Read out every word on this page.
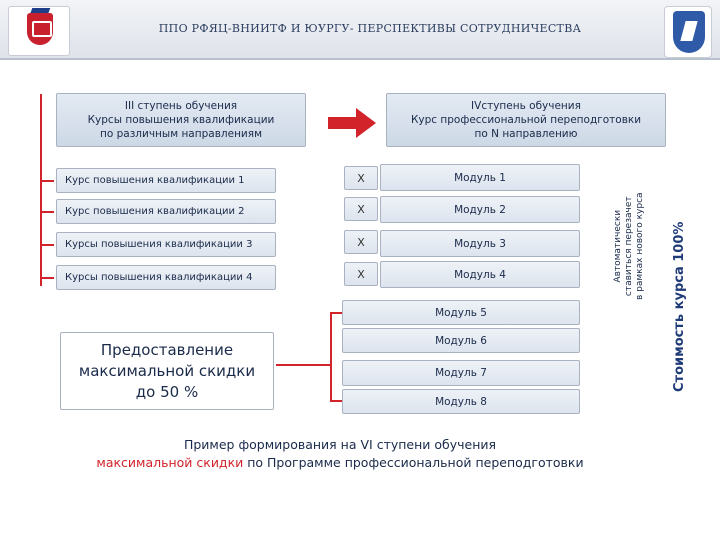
ППО РФЯЦ-ВНИИТФ И ЮУРГУ- ПЕРСПЕКТИВЫ СОТРУДНИЧЕСТВА
III ступень обучения
Курсы повышения квалификации
по различным направлениям
IVступень обучения
Курс профессиональной переподготовки
по N направлению
Курс повышения квалификации 1
Курс повышения квалификации 2
Курсы повышения квалификации 3
Курсы повышения квалификации 4
X
X
X
X
Модуль 1
Модуль 2
Модуль 3
Модуль 4
Модуль 5
Модуль 6
Модуль 7
Модуль 8
Предоставление
максимальной скидки
до 50 %
Автоматически ставиться перезачет в рамках нового курса Стоимость курса 100%
Пример формирования на VI ступени обучения
максимальной скидки по Программе профессиональной переподготовки
